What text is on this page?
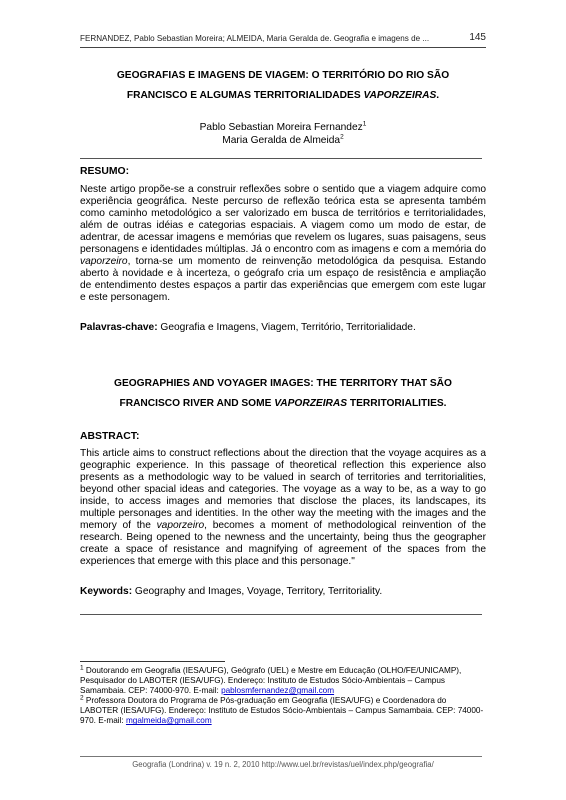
FERNANDEZ, Pablo Sebastian Moreira; ALMEIDA, Maria Geralda de. Geografia e imagens de ...	145
GEOGRAFIAS E IMAGENS DE VIAGEM: O TERRITÓRIO DO RIO SÃO
FRANCISCO E ALGUMAS TERRITORIALIDADES VAPORZEIRAS.
Pablo Sebastian Moreira Fernandez$^1$
Maria Geralda de Almeida$^2$
RESUMO:
Neste artigo propõe-se a construir reflexões sobre o sentido que a viagem adquire como experiência geográfica. Neste percurso de reflexão teórica esta se apresenta também como caminho metodológico a ser valorizado em busca de territórios e territorialidades, além de outras idéias e categorias espaciais. A viagem como um modo de estar, de adentrar, de acessar imagens e memórias que revelem os lugares, suas paisagens, seus personagens e identidades múltiplas. Já o encontro com as imagens e com a memória do vaporzeiro, torna-se um momento de reinvenção metodológica da pesquisa. Estando aberto à novidade e à incerteza, o geógrafo cria um espaço de resistência e ampliação de entendimento destes espaços a partir das experiências que emergem com este lugar e este personagem.
Palavras-chave: Geografia e Imagens, Viagem, Território, Territorialidade.
GEOGRAPHIES AND VOYAGER IMAGES: THE TERRITORY THAT SÃO
FRANCISCO RIVER AND SOME VAPORZEIRAS TERRITORIALITIES.
ABSTRACT:
This article aims to construct reflections about the direction that the voyage acquires as a geographic experience. In this passage of theoretical reflection this experience also presents as a methodologic way to be valued in search of territories and territorialities, beyond other spacial ideas and categories. The voyage as a way to be, as a way to go inside, to access images and memories that disclose the places, its landscapes, its multiple personages and identities. In the other way the meeting with the images and the memory of the vaporzeiro, becomes a moment of methodological reinvention of the research. Being opened to the newness and the uncertainty, being thus the geographer create a space of resistance and magnifying of agreement of the spaces from the experiences that emerge with this place and this personage."
Keywords: Geography and Images, Voyage, Territory, Territoriality.
$^1$ Doutorando em Geografia (IESA/UFG), Geógrafo (UEL) e Mestre em Educação (OLHO/FE/UNICAMP), Pesquisador do LABOTER (IESA/UFG). Endereço: Instituto de Estudos Sócio-Ambientais – Campus Samambaia. CEP: 74000-970. E-mail: pablosmfernandez@gmail.com
$^2$ Professora Doutora do Programa de Pós-graduação em Geografia (IESA/UFG) e Coordenadora do LABOTER (IESA/UFG). Endereço: Instituto de Estudos Sócio-Ambientais – Campus Samambaia. CEP: 74000-970. E-mail: mgalmeida@gmail.com
Geografia (Londrina) v. 19 n. 2, 2010 http://www.uel.br/revistas/uel/index.php/geografia/
